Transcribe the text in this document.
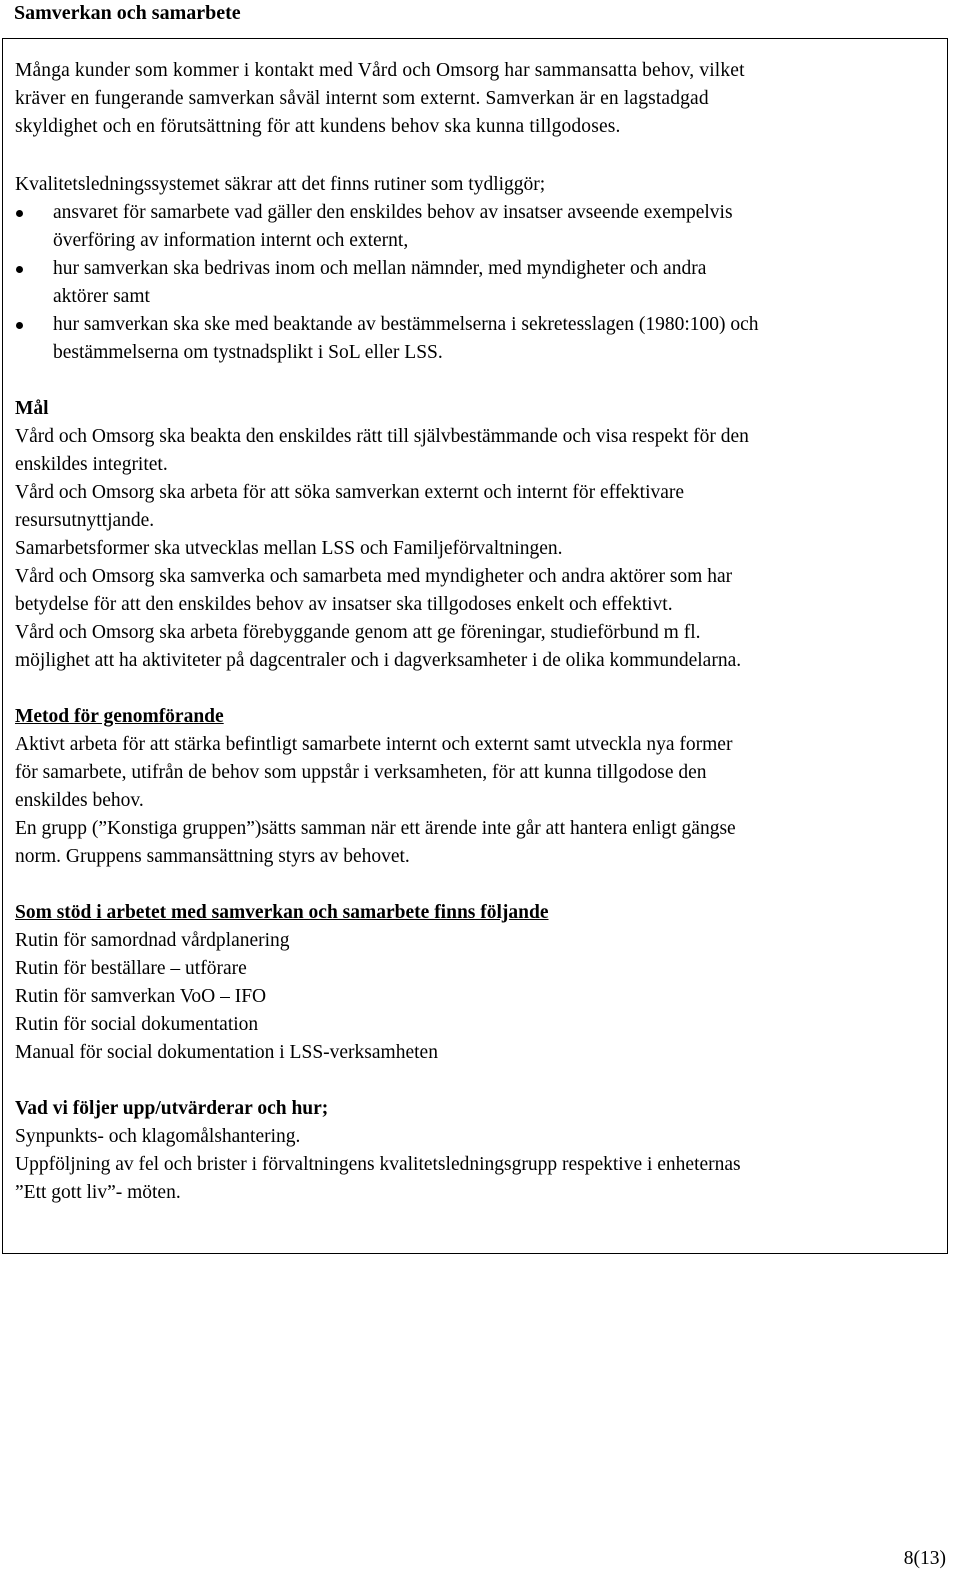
Samverkan och samarbete

Många kunder som kommer i kontakt med Vård och Omsorg har sammansatta behov, vilket

kräver en fungerande samverkan såväl internt som externt. Samverkan är en lagstadgad

skyldighet och en förutsättning för att kundens behov ska kunna tillgodoses.

Kvalitetsledningssystemet säkrar att det finns rutiner som tydliggör;

ansvaret för samarbete vad gäller den enskildes behov av insatser avseende exempelvis
överföring av information internt och externt,
hur samverkan ska bedrivas inom och mellan nämnder, med myndigheter och andra
aktörer samt
hur samverkan ska ske med beaktande av bestämmelserna i sekretesslagen (1980:100) och
bestämmelserna om tystnadsplikt i SoL eller LSS.

Mål

Vård och Omsorg ska beakta den enskildes rätt till självbestämmande och visa respekt för den

enskildes integritet.

Vård och Omsorg ska arbeta för att söka samverkan externt och internt för effektivare

resursutnyttjande.

Samarbetsformer ska utvecklas mellan LSS och Familjeförvaltningen.

Vård och Omsorg ska samverka och samarbeta med myndigheter och andra aktörer som har

betydelse för att den enskildes behov av insatser ska tillgodoses enkelt och effektivt.

Vård och Omsorg ska arbeta förebyggande genom att ge föreningar, studieförbund m fl.

möjlighet att ha aktiviteter på dagcentraler och i dagverksamheter i de olika kommundelarna.

Metod för genomförande

Aktivt arbeta för att stärka befintligt samarbete internt och externt samt utveckla nya former

för samarbete, utifrån de behov som uppstår i verksamheten, för att kunna tillgodose den

enskildes behov.

En grupp (”Konstiga gruppen”)sätts samman när ett ärende inte går att hantera enligt gängse

norm. Gruppens sammansättning styrs av behovet.

Som stöd i arbetet med samverkan och samarbete finns följande

Rutin för samordnad vårdplanering

Rutin för beställare – utförare

Rutin för samverkan VoO – IFO

Rutin för social dokumentation

Manual för social dokumentation i LSS-verksamheten

Vad vi följer upp/utvärderar och hur;

Synpunkts- och klagomålshantering.

Uppföljning av fel och brister i förvaltningens kvalitetsledningsgrupp respektive i enheternas

”Ett gott liv”- möten.

8(13)
